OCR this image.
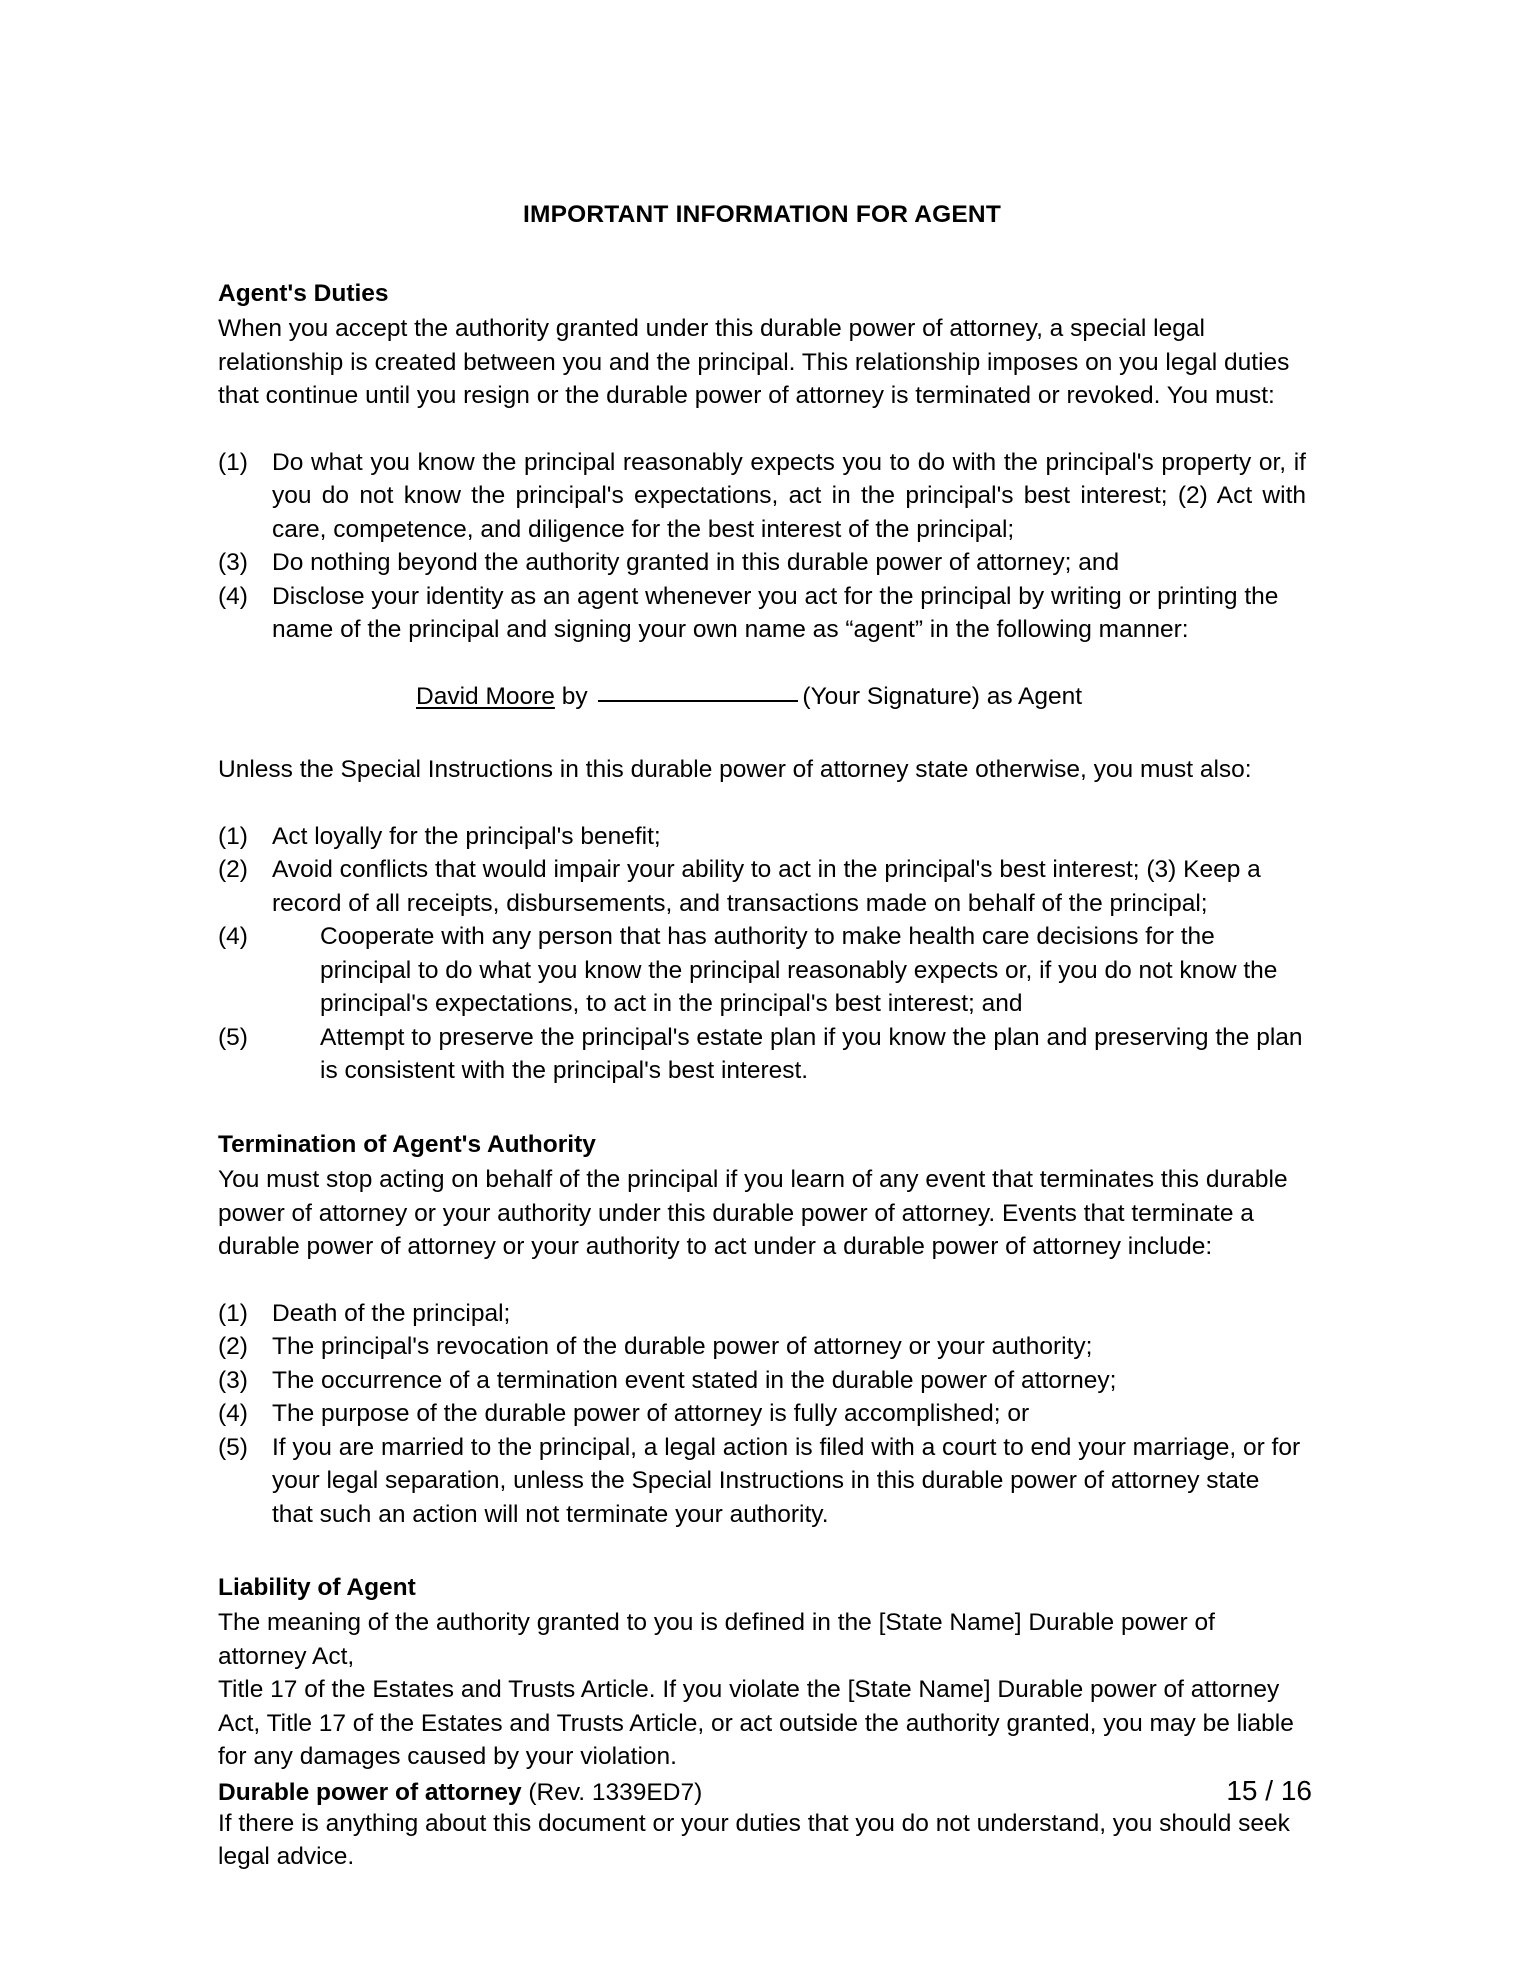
IMPORTANT INFORMATION FOR AGENT
Agent's Duties

When you accept the authority granted under this durable power of attorney, a special legal relationship is created between you and the principal. This relationship imposes on you legal duties that continue until you resign or the durable power of attorney is terminated or revoked. You must:

(1) Do what you know the principal reasonably expects you to do with the principal's property or, if you do not know the principal's expectations, act in the principal's best interest; (2) Act with care, competence, and diligence for the best interest of the principal;
(3) Do nothing beyond the authority granted in this durable power of attorney; and
(4) Disclose your identity as an agent whenever you act for the principal by writing or printing the name of the principal and signing your own name as “agent” in the following manner:

David Moore by	(Your Signature) as Agent

Unless the Special Instructions in this durable power of attorney state otherwise, you must also:

(1) Act loyally for the principal's benefit;
(2) Avoid conflicts that would impair your ability to act in the principal's best interest; (3) Keep a record of all receipts, disbursements, and transactions made on behalf of the principal;
(4)	Cooperate with any person that has authority to make health care decisions for the principal to do what you know the principal reasonably expects or, if you do not know the principal's expectations, to act in the principal's best interest; and
(5)	Attempt to preserve the principal's estate plan if you know the plan and preserving the plan is consistent with the principal's best interest.
Termination of Agent's Authority

You must stop acting on behalf of the principal if you learn of any event that terminates this durable power of attorney or your authority under this durable power of attorney. Events that terminate a durable power of attorney or your authority to act under a durable power of attorney include:

(1) Death of the principal;
(2) The principal's revocation of the durable power of attorney or your authority;
(3) The occurrence of a termination event stated in the durable power of attorney;
(4) The purpose of the durable power of attorney is fully accomplished; or
(5) If you are married to the principal, a legal action is filed with a court to end your marriage, or for your legal separation, unless the Special Instructions in this durable power of attorney state that such an action will not terminate your authority.
Liability of Agent

The meaning of the authority granted to you is defined in the [State Name] Durable power of attorney Act,

Title 17 of the Estates and Trusts Article. If you violate the [State Name] Durable power of attorney Act, Title 17 of the Estates and Trusts Article, or act outside the authority granted, you may be liable for any damages caused by your violation.

If there is anything about this document or your duties that you do not understand, you should seek legal advice.

Durable power of attorney (Rev. 1339ED7)	15 / 16
